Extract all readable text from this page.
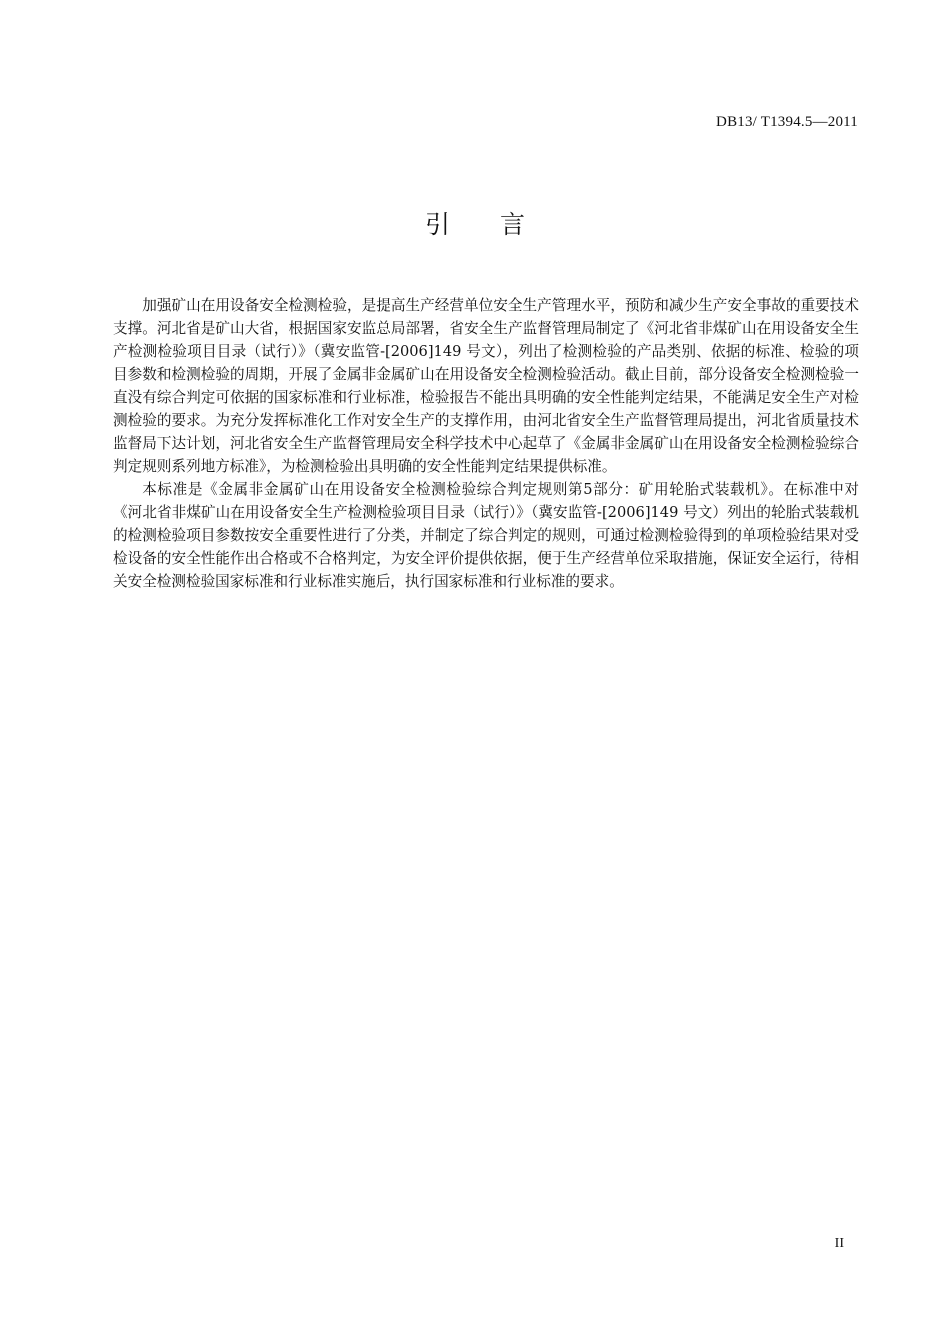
DB13/ T1394.5—2011
引 言

加强矿山在用设备安全检测检验，是提高生产经营单位安全生产管理水平，预防和减少生产安全事故的重要技术支撑。河北省是矿山大省，根据国家安监总局部署，省安全生产监督管理局制定了《河北省非煤矿山在用设备安全生产检测检验项目目录（试行）》（冀安监管-[2006]149 号文），列出了检测检验的产品类别、依据的标准、检验的项目参数和检测检验的周期，开展了金属非金属矿山在用设备安全检测检验活动。截止目前，部分设备安全检测检验一直没有综合判定可依据的国家标准和行业标准，检验报告不能出具明确的安全性能判定结果，不能满足安全生产对检测检验的要求。为充分发挥标准化工作对安全生产的支撑作用，由河北省安全生产监督管理局提出，河北省质量技术监督局下达计划，河北省安全生产监督管理局安全科学技术中心起草了《金属非金属矿山在用设备安全检测检验综合判定规则系列地方标准》，为检测检验出具明确的安全性能判定结果提供标准。

本标准是《金属非金属矿山在用设备安全检测检验综合判定规则第5部分：矿用轮胎式装载机》。在标准中对《河北省非煤矿山在用设备安全生产检测检验项目目录（试行）》（冀安监管-[2006]149 号文）列出的轮胎式装载机的检测检验项目参数按安全重要性进行了分类，并制定了综合判定的规则，可通过检测检验得到的单项检验结果对受检设备的安全性能作出合格或不合格判定，为安全评价提供依据，便于生产经营单位采取措施，保证安全运行，待相关安全检测检验国家标准和行业标准实施后，执行国家标准和行业标准的要求。

II
